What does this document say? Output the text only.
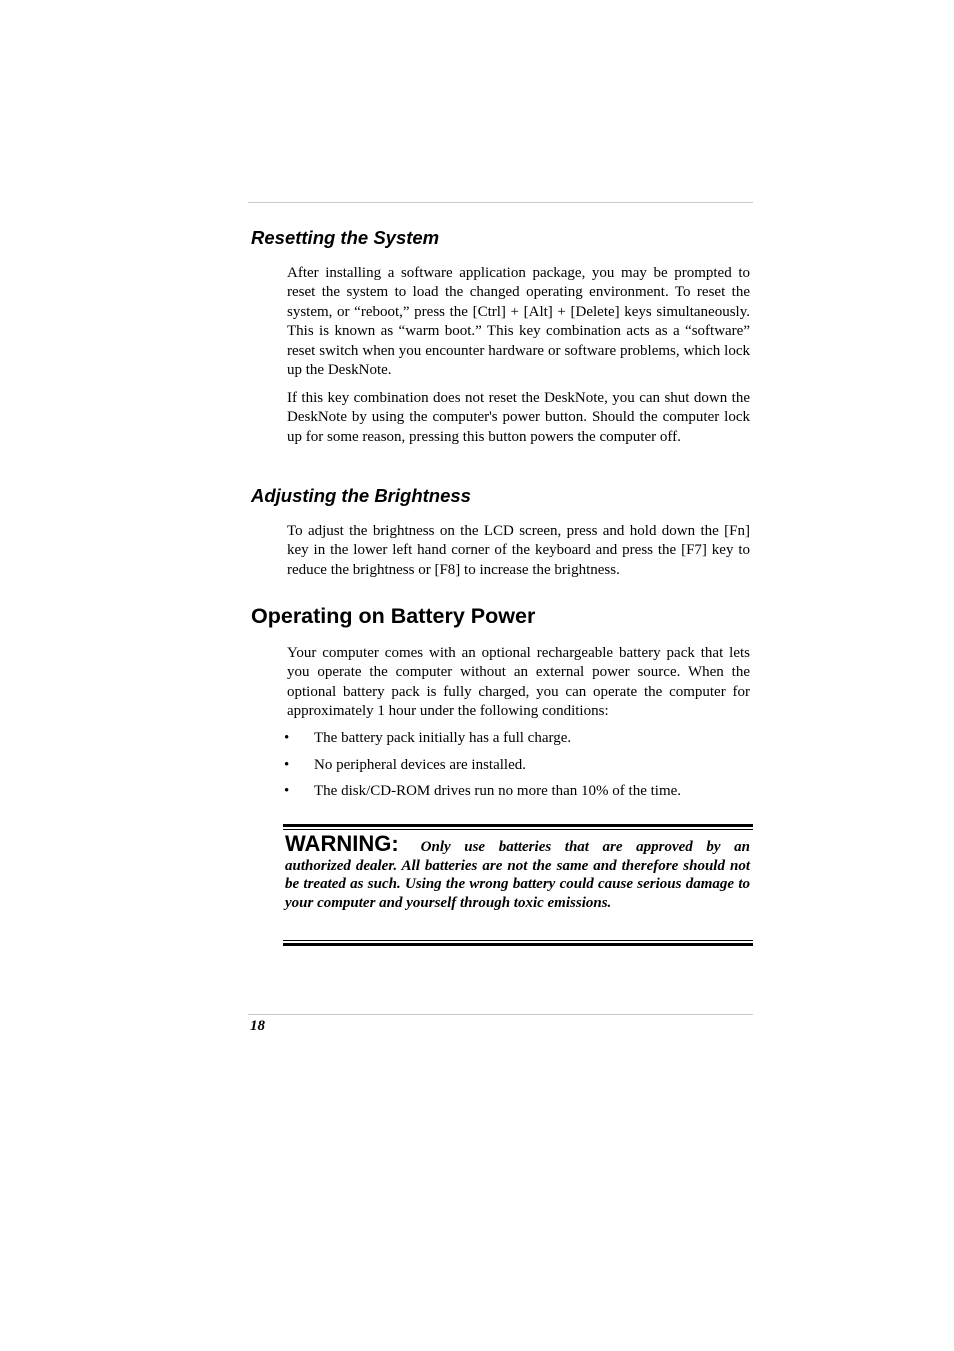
Resetting the System

After installing a software application package, you may be prompted to reset the system to load the changed operating environment. To reset the system, or “reboot,” press the [Ctrl] + [Alt] + [Delete] keys simultaneously. This is known as “warm boot.” This key combination acts as a “software” reset switch when you encounter hardware or software problems, which lock up the DeskNote.

If this key combination does not reset the DeskNote, you can shut down the DeskNote by using the computer's power button. Should the computer lock up for some reason, pressing this button powers the computer off.

Adjusting the Brightness

To adjust the brightness on the LCD screen, press and hold down the [Fn] key in the lower left hand corner of the keyboard and press the [F7] key to reduce the brightness or [F8] to increase the brightness.

Operating on Battery Power

Your computer comes with an optional rechargeable battery pack that lets you operate the computer without an external power source. When the optional battery pack is fully charged, you can operate the computer for approximately 1 hour under the following conditions:

• The battery pack initially has a full charge.
• No peripheral devices are installed.
• The disk/CD-ROM drives run no more than 10% of the time.

WARNING: Only use batteries that are approved by an authorized dealer. All batteries are not the same and therefore should not be treated as such. Using the wrong battery could cause serious damage to your computer and yourself through toxic emissions.

18
